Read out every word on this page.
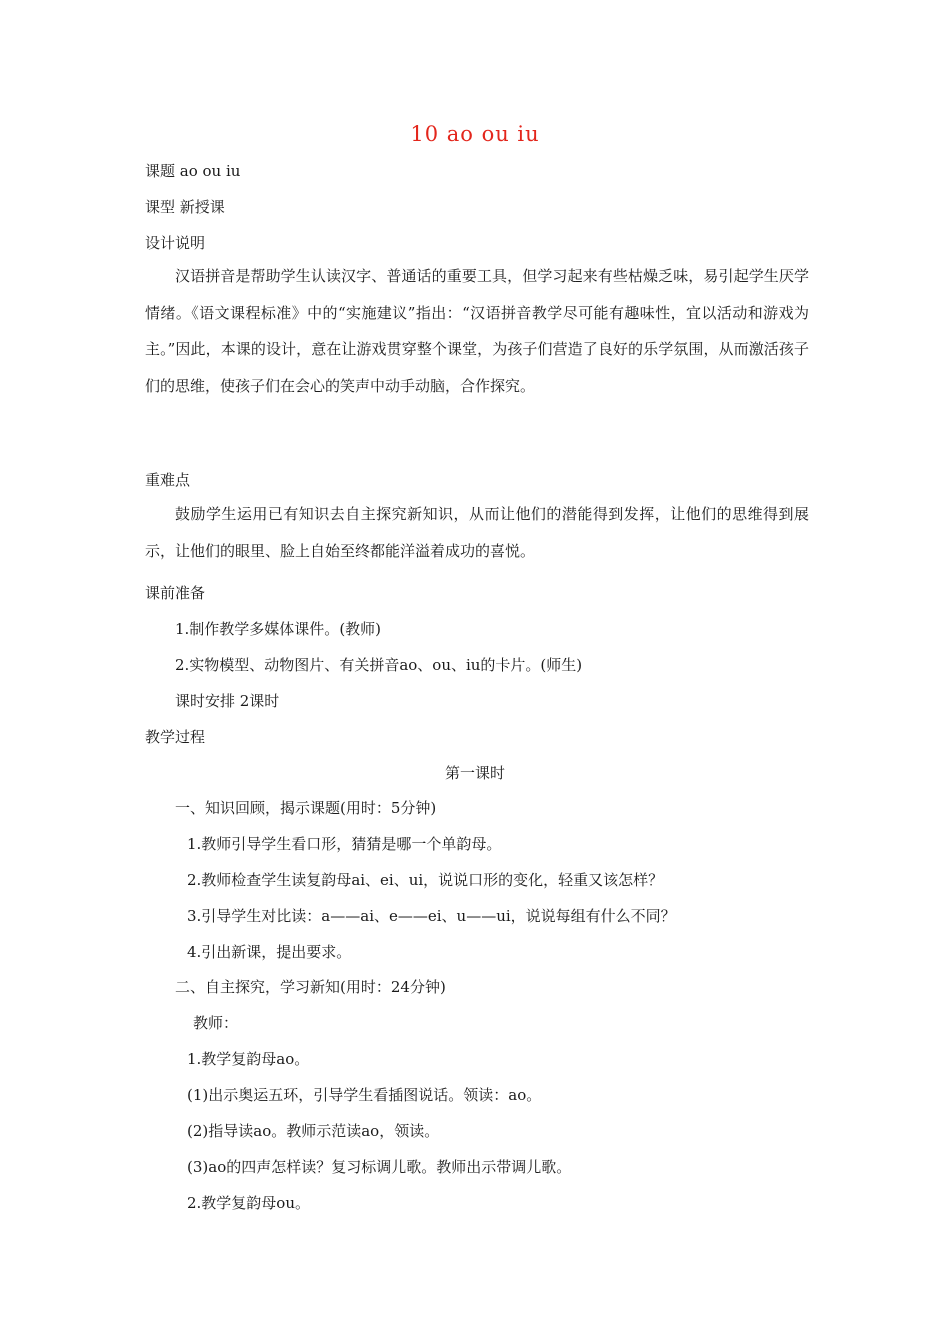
10 ao ou iu
课题 ao ou iu
课型 新授课
设计说明
汉语拼音是帮助学生认读汉字、普通话的重要工具，但学习起来有些枯燥乏味，易引起学生厌学情绪。《语文课程标准》中的“实施建议”指出：“汉语拼音教学尽可能有趣味性，宜以活动和游戏为主。”因此，本课的设计，意在让游戏贯穿整个课堂，为孩子们营造了良好的乐学氛围，从而激活孩子们的思维，使孩子们在会心的笑声中动手动脑，合作探究。
重难点
鼓励学生运用已有知识去自主探究新知识，从而让他们的潜能得到发挥，让他们的思维得到展示，让他们的眼里、脸上自始至终都能洋溢着成功的喜悦。
课前准备
1.制作教学多媒体课件。(教师)
2.实物模型、动物图片、有关拼音ao、ou、iu的卡片。(师生)
课时安排 2课时
教学过程
第一课时
一、知识回顾，揭示课题(用时：5分钟)
1.教师引导学生看口形，猜猜是哪一个单韵母。
2.教师检查学生读复韵母ai、ei、ui，说说口形的变化，轻重又该怎样？
3.引导学生对比读：a——ai、e——ei、u——ui，说说每组有什么不同？
4.引出新课，提出要求。
二、自主探究，学习新知(用时：24分钟)
教师：
1.教学复韵母ao。
(1)出示奥运五环，引导学生看插图说话。领读：ao。
(2)指导读ao。教师示范读ao，领读。
(3)ao的四声怎样读？复习标调儿歌。教师出示带调儿歌。
2.教学复韵母ou。
